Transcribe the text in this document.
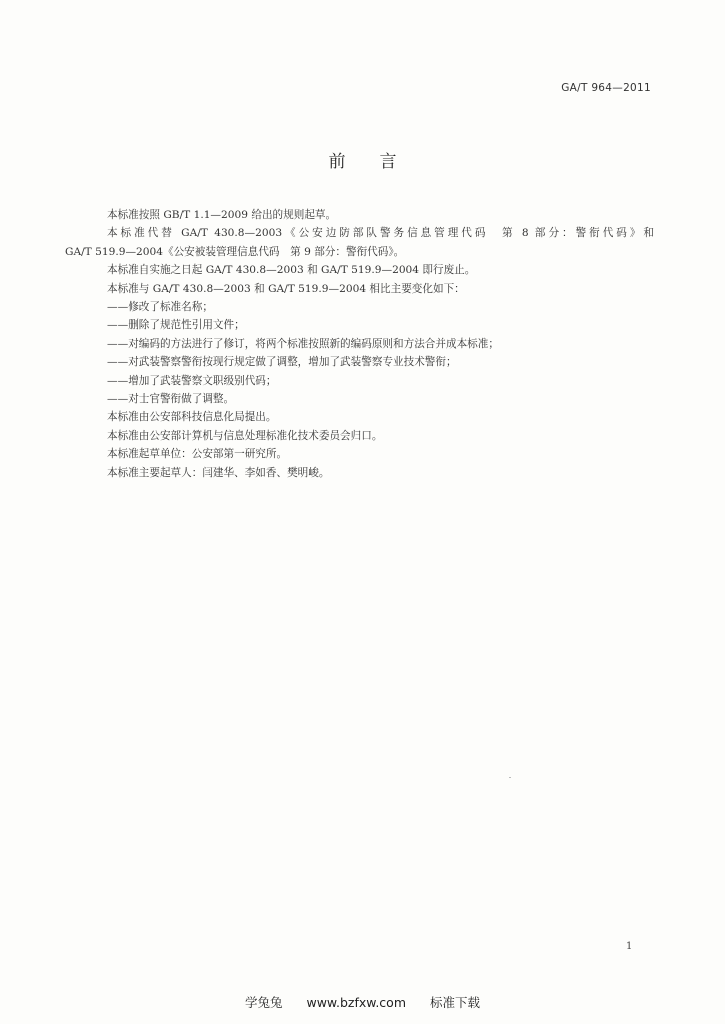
GA/T 964—2011
前言

本标准按照 GB/T 1.1—2009 给出的规则起草。

本标准代替 GA/T 430.8—2003《公安边防部队警务信息管理代码　第 8 部分：警衔代码》和

GA/T 519.9—2004《公安被装管理信息代码　第 9 部分：警衔代码》。

本标准自实施之日起 GA/T 430.8—2003 和 GA/T 519.9—2004 即行废止。

本标准与 GA/T 430.8—2003 和 GA/T 519.9—2004 相比主要变化如下：

——修改了标准名称；

——删除了规范性引用文件；

——对编码的方法进行了修订，将两个标准按照新的编码原则和方法合并成本标准；

——对武装警察警衔按现行规定做了调整，增加了武装警察专业技术警衔；

——增加了武装警察文职级别代码；

——对士官警衔做了调整。

本标准由公安部科技信息化局提出。

本标准由公安部计算机与信息处理标准化技术委员会归口。

本标准起草单位：公安部第一研究所。

本标准主要起草人：闫建华、李如香、樊明峻。

1
学兔兔 www.bzfxw.com 标准下载
